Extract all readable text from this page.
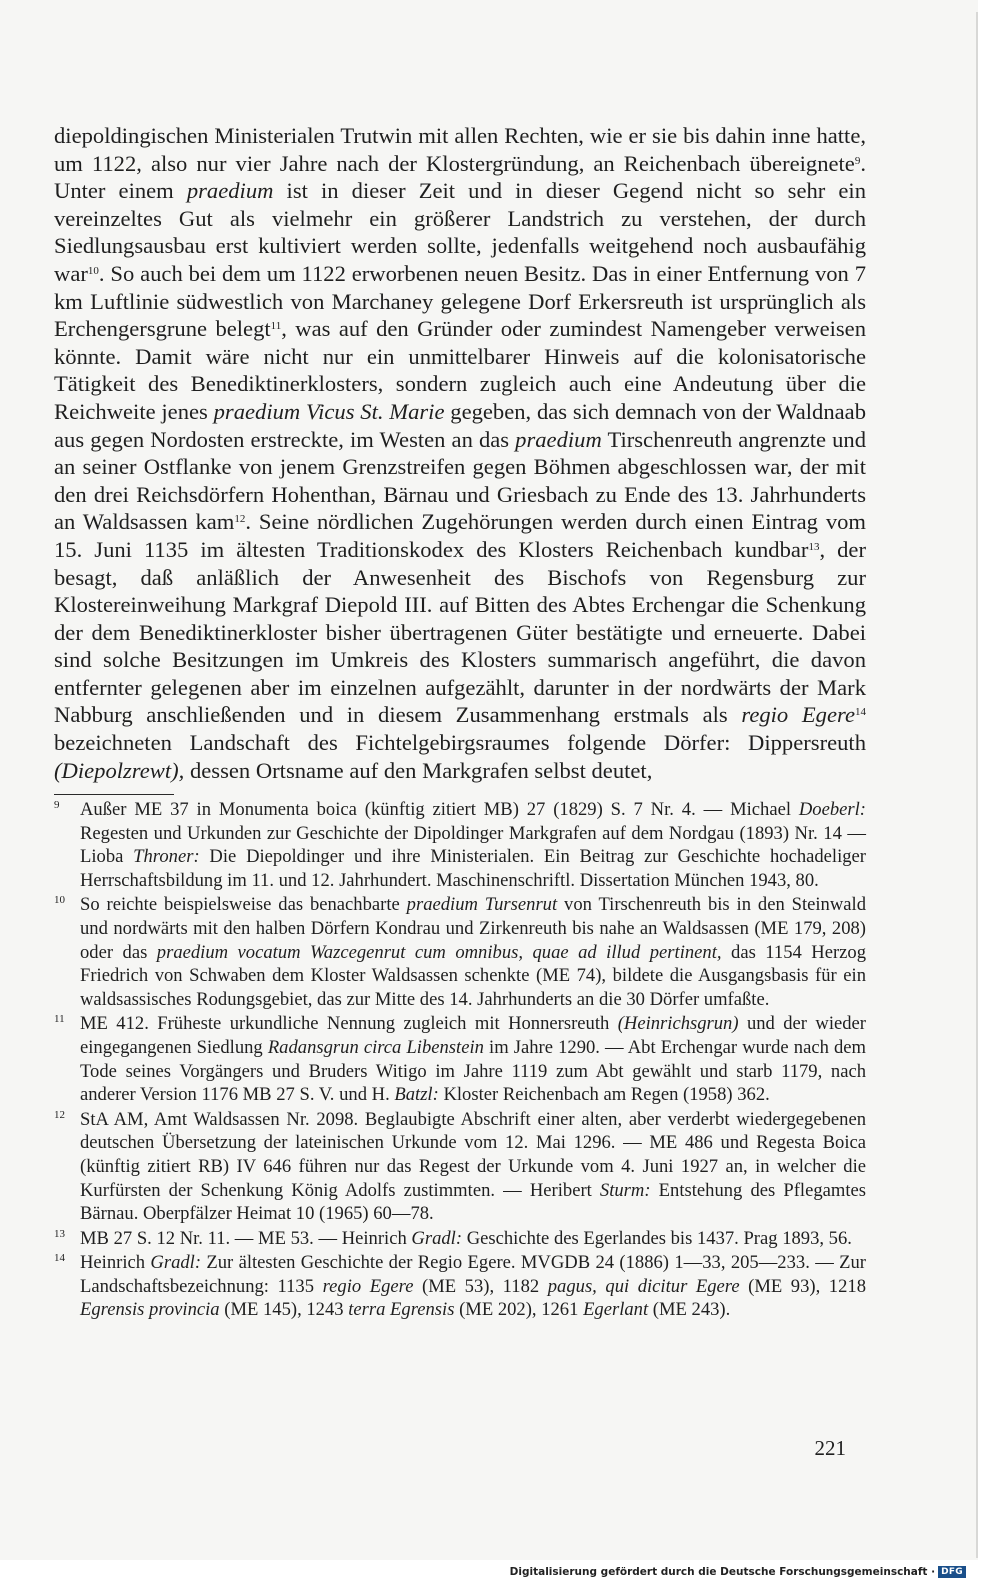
diepoldingischen Ministerialen Trutwin mit allen Rechten, wie er sie bis dahin inne hatte, um 1122, also nur vier Jahre nach der Klostergründung, an Reichenbach übereignete$^9$. Unter einem praedium ist in dieser Zeit und in dieser Gegend nicht so sehr ein vereinzeltes Gut als vielmehr ein größerer Landstrich zu verstehen, der durch Siedlungsausbau erst kultiviert werden sollte, jedenfalls weitgehend noch ausbaufähig war$^{10}$. So auch bei dem um 1122 erworbenen neuen Besitz. Das in einer Entfernung von 7 km Luftlinie südwestlich von Marchaney gelegene Dorf Erkersreuth ist ursprünglich als Erchengersgrune belegt$^{11}$, was auf den Gründer oder zumindest Namengeber verweisen könnte. Damit wäre nicht nur ein unmittelbarer Hinweis auf die kolonisatorische Tätigkeit des Benediktinerklosters, sondern zugleich auch eine Andeutung über die Reichweite jenes praedium Vicus St. Marie gegeben, das sich demnach von der Waldnaab aus gegen Nordosten erstreckte, im Westen an das praedium Tirschenreuth angrenzte und an seiner Ostflanke von jenem Grenzstreifen gegen Böhmen abgeschlossen war, der mit den drei Reichsdörfern Hohenthan, Bärnau und Griesbach zu Ende des 13. Jahrhunderts an Waldsassen kam$^{12}$. Seine nördlichen Zugehörungen werden durch einen Eintrag vom 15. Juni 1135 im ältesten Traditionskodex des Klosters Reichenbach kundbar$^{13}$, der besagt, daß anläßlich der Anwesenheit des Bischofs von Regensburg zur Klostereinweihung Markgraf Diepold III. auf Bitten des Abtes Erchengar die Schenkung der dem Benediktinerkloster bisher übertragenen Güter bestätigte und erneuerte. Dabei sind solche Besitzungen im Umkreis des Klosters summarisch angeführt, die davon entfernter gelegenen aber im einzelnen aufgezählt, darunter in der nordwärts der Mark Nabburg anschließenden und in diesem Zusammenhang erstmals als regio Egere$^{14}$ bezeichneten Landschaft des Fichtelgebirgsraumes folgende Dörfer: Dippersreuth (Diepolzrewt), dessen Ortsname auf den Markgrafen selbst deutet,

9 Außer ME 37 in Monumenta boica (künftig zitiert MB) 27 (1829) S. 7 Nr. 4. — Michael Doeberl: Regesten und Urkunden zur Geschichte der Dipoldinger Markgrafen auf dem Nordgau (1893) Nr. 14 — Lioba Throner: Die Diepoldinger und ihre Ministerialen. Ein Beitrag zur Geschichte hochadeliger Herrschaftsbildung im 11. und 12. Jahrhundert. Maschinenschriftl. Dissertation München 1943, 80.

10 So reichte beispielsweise das benachbarte praedium Tursenrut von Tirschenreuth bis in den Steinwald und nordwärts mit den halben Dörfern Kondrau und Zirkenreuth bis nahe an Waldsassen (ME 179, 208) oder das praedium vocatum Wazcegenrut cum omnibus, quae ad illud pertinent, das 1154 Herzog Friedrich von Schwaben dem Kloster Waldsassen schenkte (ME 74), bildete die Ausgangsbasis für ein waldsassisches Rodungsgebiet, das zur Mitte des 14. Jahrhunderts an die 30 Dörfer umfaßte.

11 ME 412. Früheste urkundliche Nennung zugleich mit Honnersreuth (Heinrichsgrun) und der wieder eingegangenen Siedlung Radansgrun circa Libenstein im Jahre 1290. — Abt Erchengar wurde nach dem Tode seines Vorgängers und Bruders Witigo im Jahre 1119 zum Abt gewählt und starb 1179, nach anderer Version 1176 MB 27 S. V. und H. Batzl: Kloster Reichenbach am Regen (1958) 362.

12 StA AM, Amt Waldsassen Nr. 2098. Beglaubigte Abschrift einer alten, aber verderbt wiedergegebenen deutschen Übersetzung der lateinischen Urkunde vom 12. Mai 1296. — ME 486 und Regesta Boica (künftig zitiert RB) IV 646 führen nur das Regest der Urkunde vom 4. Juni 1927 an, in welcher die Kurfürsten der Schenkung König Adolfs zustimmten. — Heribert Sturm: Entstehung des Pflegamtes Bärnau. Oberpfälzer Heimat 10 (1965) 60—78.

13 MB 27 S. 12 Nr. 11. — ME 53. — Heinrich Gradl: Geschichte des Egerlandes bis 1437. Prag 1893, 56.

14 Heinrich Gradl: Zur ältesten Geschichte der Regio Egere. MVGDB 24 (1886) 1—33, 205—233. — Zur Landschaftsbezeichnung: 1135 regio Egere (ME 53), 1182 pagus, qui dicitur Egere (ME 93), 1218 Egrensis provincia (ME 145), 1243 terra Egrensis (ME 202), 1261 Egerlant (ME 243).

221
Digitalisierung gefördert durch die Deutsche Forschungsgemeinschaft · DFG
